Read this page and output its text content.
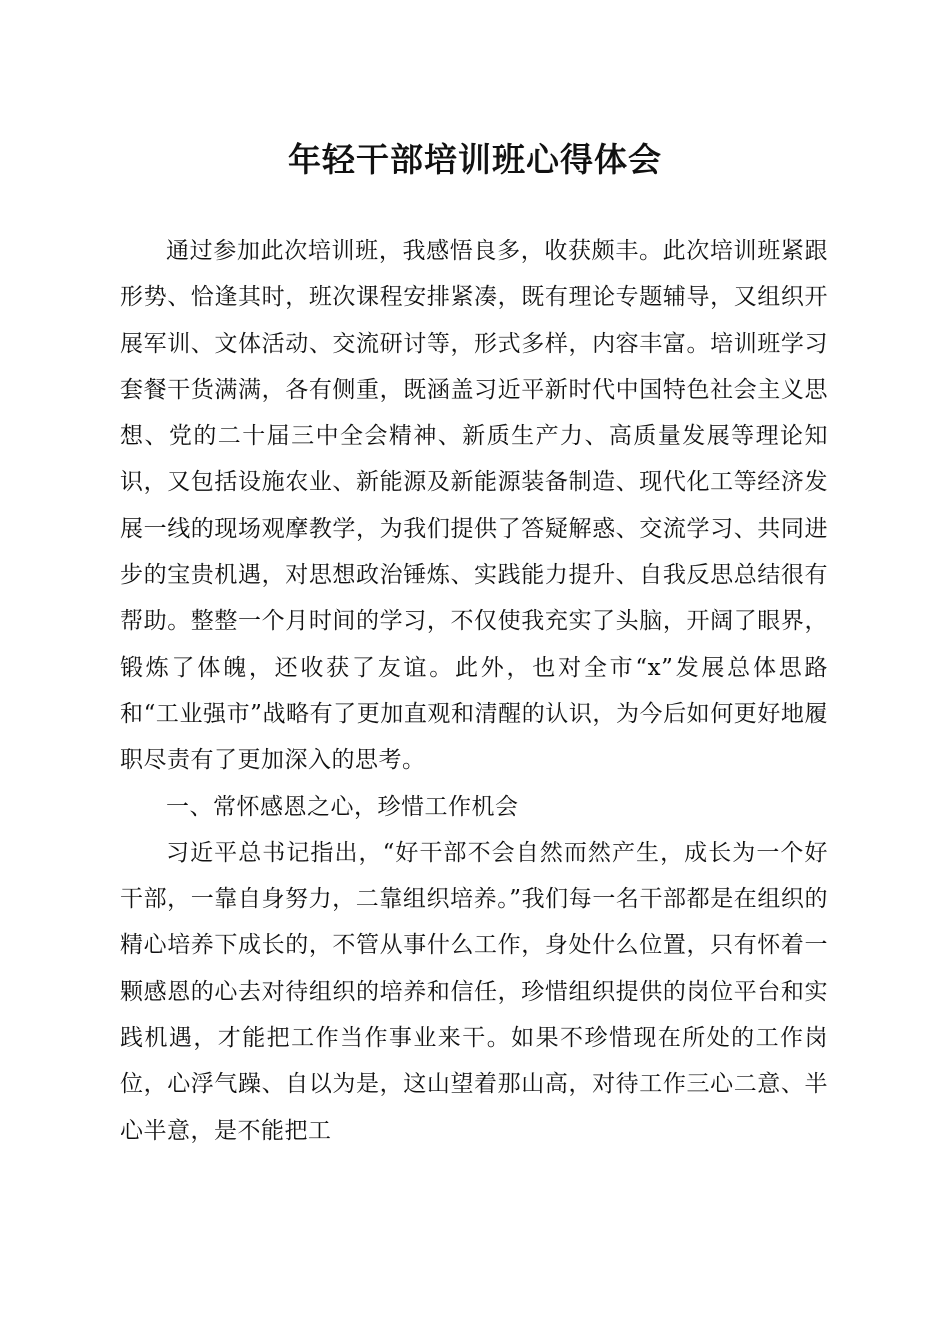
年轻干部培训班心得体会

通过参加此次培训班，我感悟良多，收获颇丰。此次培训班紧跟形势、恰逢其时，班次课程安排紧凑，既有理论专题辅导，又组织开展军训、文体活动、交流研讨等，形式多样，内容丰富。培训班学习套餐干货满满，各有侧重，既涵盖习近平新时代中国特色社会主义思想、党的二十届三中全会精神、新质生产力、高质量发展等理论知识，又包括设施农业、新能源及新能源装备制造、现代化工等经济发展一线的现场观摩教学，为我们提供了答疑解惑、交流学习、共同进步的宝贵机遇，对思想政治锤炼、实践能力提升、自我反思总结很有帮助。整整一个月时间的学习，不仅使我充实了头脑，开阔了眼界，锻炼了体魄，还收获了友谊。此外，也对全市“x”发展总体思路和“工业强市”战略有了更加直观和清醒的认识，为今后如何更好地履职尽责有了更加深入的思考。

一、常怀感恩之心，珍惜工作机会

习近平总书记指出，“好干部不会自然而然产生，成长为一个好干部，一靠自身努力，二靠组织培养。”我们每一名干部都是在组织的精心培养下成长的，不管从事什么工作，身处什么位置，只有怀着一颗感恩的心去对待组织的培养和信任，珍惜组织提供的岗位平台和实践机遇，才能把工作当作事业来干。如果不珍惜现在所处的工作岗位，心浮气躁、自以为是，这山望着那山高，对待工作三心二意、半心半意，是不能把工
